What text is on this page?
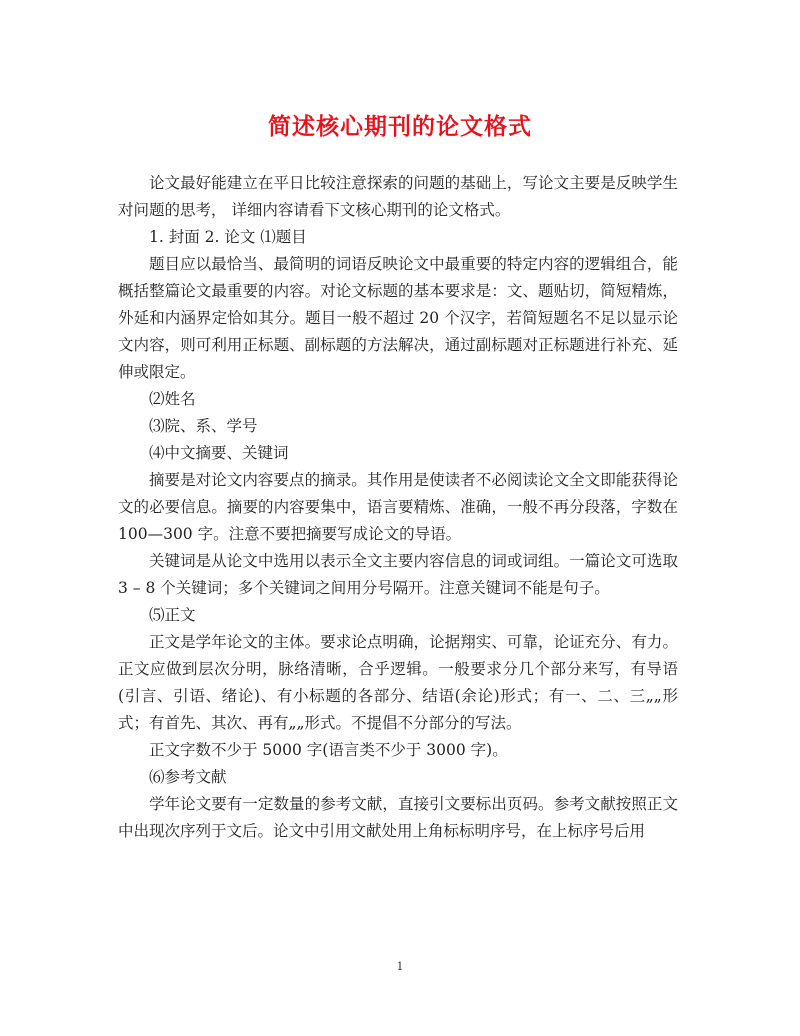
简述核心期刊的论文格式

论文最好能建立在平日比较注意探索的问题的基础上，写论文主要是反映学生对问题的思考， 详细内容请看下文核心期刊的论文格式。

1. 封面 2. 论文 ⑴题目

题目应以最恰当、最简明的词语反映论文中最重要的特定内容的逻辑组合，能概括整篇论文最重要的内容。对论文标题的基本要求是：文、题贴切，简短精炼，外延和内涵界定恰如其分。题目一般不超过 20 个汉字，若简短题名不足以显示论文内容，则可利用正标题、副标题的方法解决，通过副标题对正标题进行补充、延伸或限定。

⑵姓名

⑶院、系、学号

⑷中文摘要、关键词

摘要是对论文内容要点的摘录。其作用是使读者不必阅读论文全文即能获得论文的必要信息。摘要的内容要集中，语言要精炼、准确，一般不再分段落，字数在 100—300 字。注意不要把摘要写成论文的导语。

关键词是从论文中选用以表示全文主要内容信息的词或词组。一篇论文可选取 3 – 8 个关键词；多个关键词之间用分号隔开。注意关键词不能是句子。

⑸正文

正文是学年论文的主体。要求论点明确，论据翔实、可靠，论证充分、有力。正文应做到层次分明，脉络清晰，合乎逻辑。一般要求分几个部分来写，有导语(引言、引语、绪论)、有小标题的各部分、结语(余论)形式；有一、二、三„„形式；有首先、其次、再有„„形式。不提倡不分部分的写法。

正文字数不少于 5000 字(语言类不少于 3000 字)。

⑹参考文献

学年论文要有一定数量的参考文献，直接引文要标出页码。参考文献按照正文中出现次序列于文后。论文中引用文献处用上角标标明序号，在上标序号后用

1
